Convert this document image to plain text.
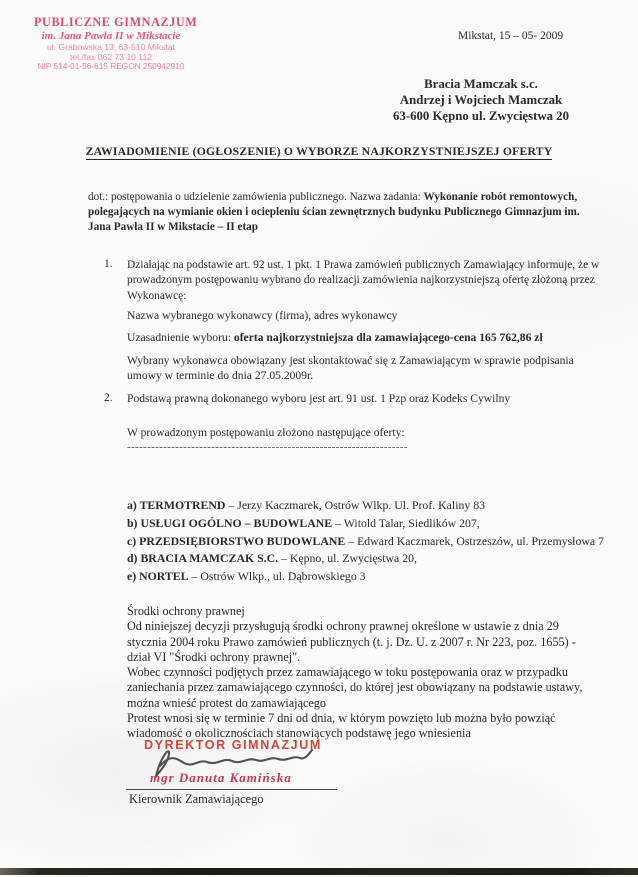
PUBLICZNE GIMNAZJUM
im. Jana Pawła II w Mikstacie
ul. Grabowska 13, 63-510 Mikstat
tel./fax 062 73 10 112
NIP 514-01-56-615 REGON 250942910
Mikstat, 15 – 05- 2009
Bracia Mamczak s.c.
Andrzej i Wojciech Mamczak
63-600 Kępno ul. Zwycięstwa 20
ZAWIADOMIENIE (OGŁOSZENIE) O WYBORZE NAJKORZYSTNIEJSZEJ OFERTY
dot.: postępowania o udzielenie zamówienia publicznego. Nazwa zadania: Wykonanie robót remontowych,
polegających na wymianie okien i ociepleniu ścian zewnętrznych budynku Publicznego Gimnazjum im.
Jana Pawła II w Mikstacie – II etap
1. Działając na podstawie art. 92 ust. 1 pkt. 1 Prawa zamówień publicznych Zamawiający informuje, że w
prowadzonym postępowaniu wybrano do realizacji zamówienia najkorzystniejszą ofertę złożoną przez
Wykonawcę:
Nazwa wybranego wykonawcy (firma), adres wykonawcy
Uzasadnienie wyboru: oferta najkorzystniejsza dla zamawiającego-cena 165 762,86 zł
Wybrany wykonawca obowiązany jest skontaktować się z Zamawiającym w sprawie podpisania
umowy w terminie do dnia 27.05.2009r.
2. Podstawą prawną dokonanego wyboru jest art. 91 ust. 1 Pzp oraz Kodeks Cywilny
W prowadzonym postępowaniu złożono następujące oferty:
----------------------------------------------------------------------
a) TERMOTREND – Jerzy Kaczmarek, Ostrów Wlkp. Ul. Prof. Kaliny 83
b) USŁUGI OGÓLNO – BUDOWLANE – Witold Talar, Siedlików 207,
c) PRZEDSIĘBIORSTWO BUDOWLANE – Edward Kaczmarek, Ostrzeszów, ul. Przemysłowa 7
d) BRACIA MAMCZAK S.C. – Kępno, ul. Zwycięstwa 20,
e) NORTEL – Ostrów Wlkp., ul. Dąbrowskiego 3
Środki ochrony prawnej
Od niniejszej decyzji przysługują środki ochrony prawnej określone w ustawie z dnia 29
stycznia 2004 roku Prawo zamówień publicznych (t. j. Dz. U. z 2007 r. Nr 223, poz. 1655) -
dział VI "Środki ochrony prawnej".
Wobec czynności podjętych przez zamawiającego w toku postępowania oraz w przypadku
zaniechania przez zamawiającego czynności, do której jest obowiązany na podstawie ustawy,
można wnieść protest do zamawiającego
Protest wnosi się w terminie 7 dni od dnia, w którym powzięto lub można było powziąć
wiadomość o okolicznościach stanowiących podstawę jego wniesienia
DYREKTOR GIMNAZJUM
mgr Danuta Kamińska
Kierownik Zamawiającego
